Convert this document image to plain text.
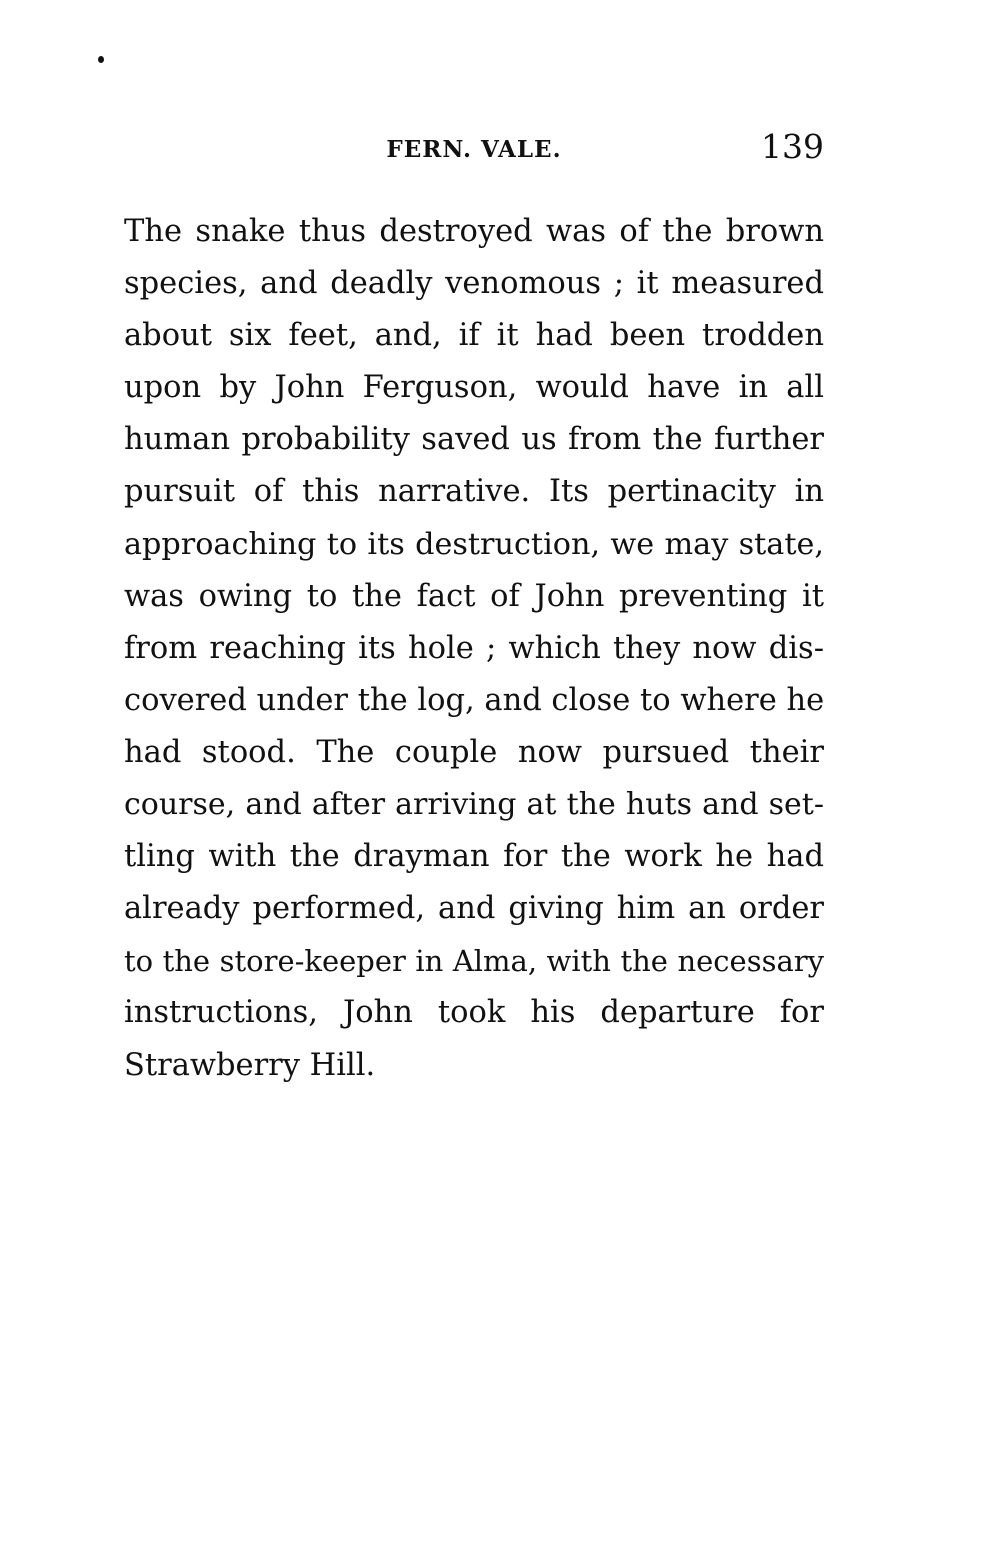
FERN. VALE.	139
The snake thus destroyed was of the brown
species, and deadly venomous ; it measured
about six feet, and, if it had been trodden
upon by John Ferguson, would have in all
human probability saved us from the further
pursuit of this narrative. Its pertinacity in
approaching to its destruction, we may state,
was owing to the fact of John preventing it
from reaching its hole ; which they now dis-
covered under the log, and close to where he
had stood. The couple now pursued their
course, and after arriving at the huts and set-
tling with the drayman for the work he had
already performed, and giving him an order
to the store-keeper in Alma, with the necessary
instructions, John took his departure for
Strawberry Hill.
